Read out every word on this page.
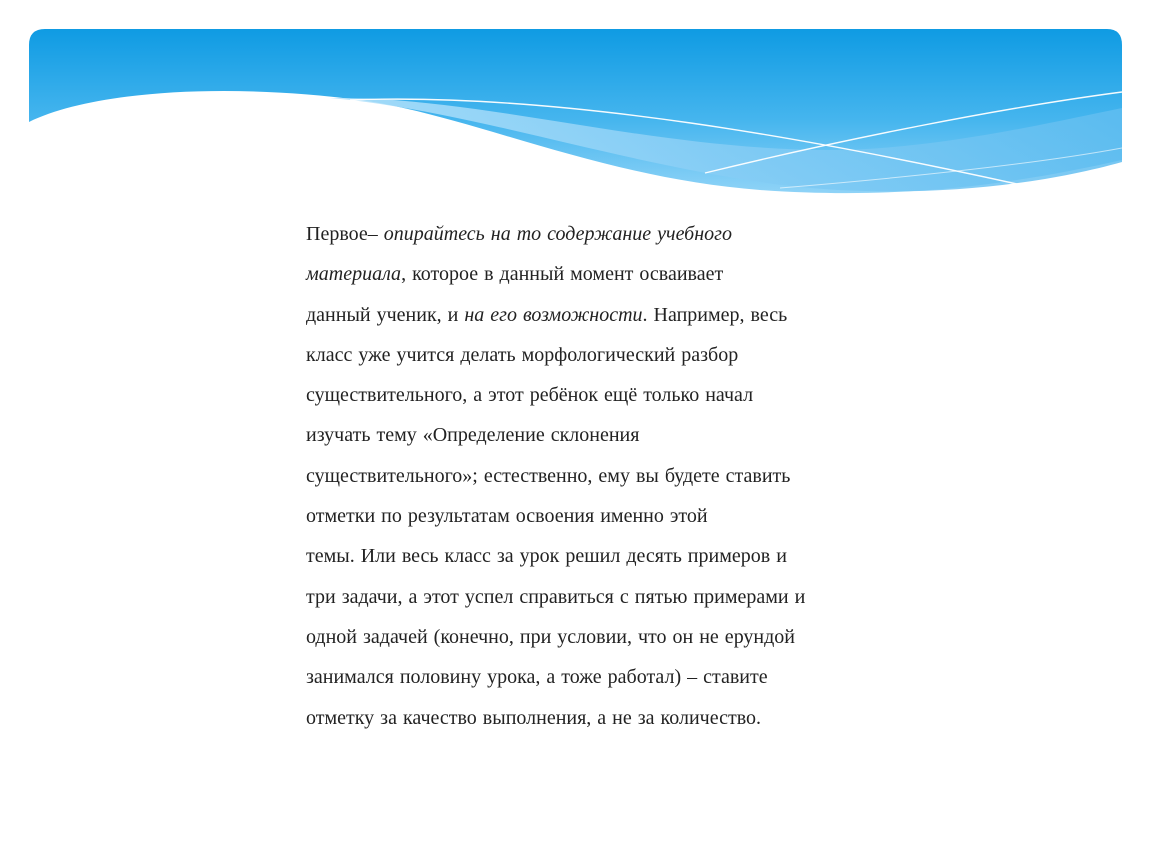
Первое– опирайтесь на то содержание учебного
материала, которое в данный момент осваивает
данный ученик, и на его возможности. Например, весь
класс уже учится делать морфологический разбор
существительного, а этот ребёнок ещё только начал
изучать тему «Определение склонения
существительного»; естественно, ему вы будете ставить
отметки по результатам освоения именно этой
темы. Или весь класс за урок решил десять примеров и
три задачи, а этот успел справиться с пятью примерами и
одной задачей (конечно, при условии, что он не ерундой
занимался половину урока, а тоже работал) – ставите
отметку за качество выполнения, а не за количество.
